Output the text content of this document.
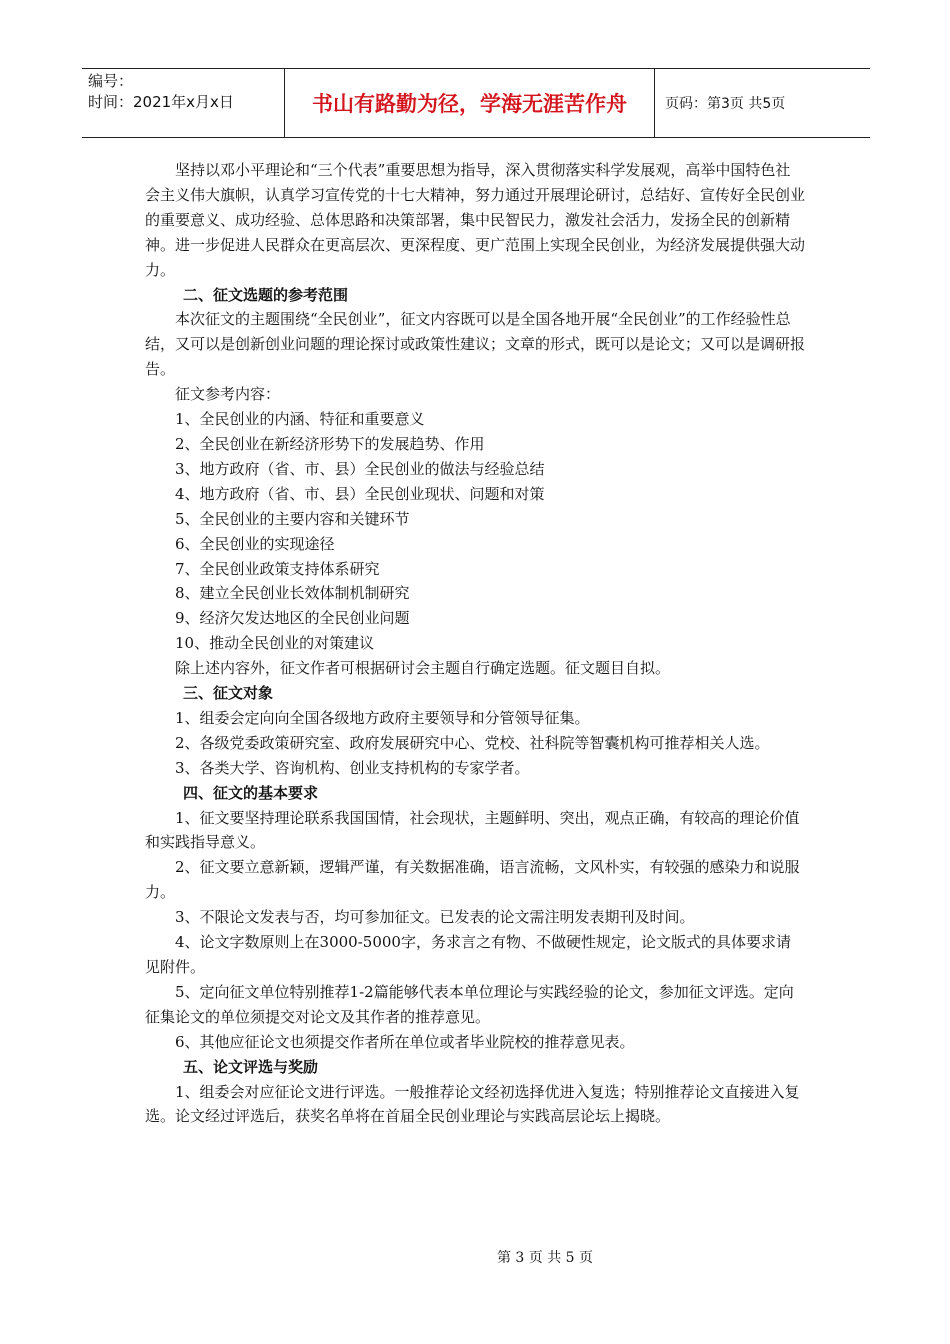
编号：
时间：2021年x月x日	书山有路勤为径，学海无涯苦作舟	页码：第3页 共5页

坚持以邓小平理论和“三个代表”重要思想为指导，深入贯彻落实科学发展观，高举中国特色社会主义伟大旗帜，认真学习宣传党的十七大精神，努力通过开展理论研讨，总结好、宣传好全民创业的重要意义、成功经验、总体思路和决策部署，集中民智民力，激发社会活力，发扬全民的创新精神。进一步促进人民群众在更高层次、更深程度、更广范围上实现全民创业，为经济发展提供强大动力。

二、征文选题的参考范围

本次征文的主题围绕“全民创业”，征文内容既可以是全国各地开展“全民创业”的工作经验性总结，又可以是创新创业问题的理论探讨或政策性建议；文章的形式，既可以是论文；又可以是调研报告。

征文参考内容：

1、全民创业的内涵、特征和重要意义

2、全民创业在新经济形势下的发展趋势、作用

3、地方政府（省、市、县）全民创业的做法与经验总结

4、地方政府（省、市、县）全民创业现状、问题和对策

5、全民创业的主要内容和关键环节

6、全民创业的实现途径

7、全民创业政策支持体系研究

8、建立全民创业长效体制机制研究

9、经济欠发达地区的全民创业问题

10、推动全民创业的对策建议

除上述内容外，征文作者可根据研讨会主题自行确定选题。征文题目自拟。

三、征文对象

1、组委会定向向全国各级地方政府主要领导和分管领导征集。

2、各级党委政策研究室、政府发展研究中心、党校、社科院等智囊机构可推荐相关人选。

3、各类大学、咨询机构、创业支持机构的专家学者。

四、征文的基本要求

1、征文要坚持理论联系我国国情，社会现状，主题鲜明、突出，观点正确，有较高的理论价值和实践指导意义。

2、征文要立意新颖，逻辑严谨，有关数据准确，语言流畅，文风朴实，有较强的感染力和说服力。

3、不限论文发表与否，均可参加征文。已发表的论文需注明发表期刊及时间。

4、论文字数原则上在3000-5000字，务求言之有物、不做硬性规定，论文版式的具体要求请见附件。

5、定向征文单位特别推荐1-2篇能够代表本单位理论与实践经验的论文，参加征文评选。定向征集论文的单位须提交对论文及其作者的推荐意见。

6、其他应征论文也须提交作者所在单位或者毕业院校的推荐意见表。

五、论文评选与奖励

1、组委会对应征论文进行评选。一般推荐论文经初选择优进入复选；特别推荐论文直接进入复选。论文经过评选后，获奖名单将在首届全民创业理论与实践高层论坛上揭晓。

第 3 页 共 5 页
